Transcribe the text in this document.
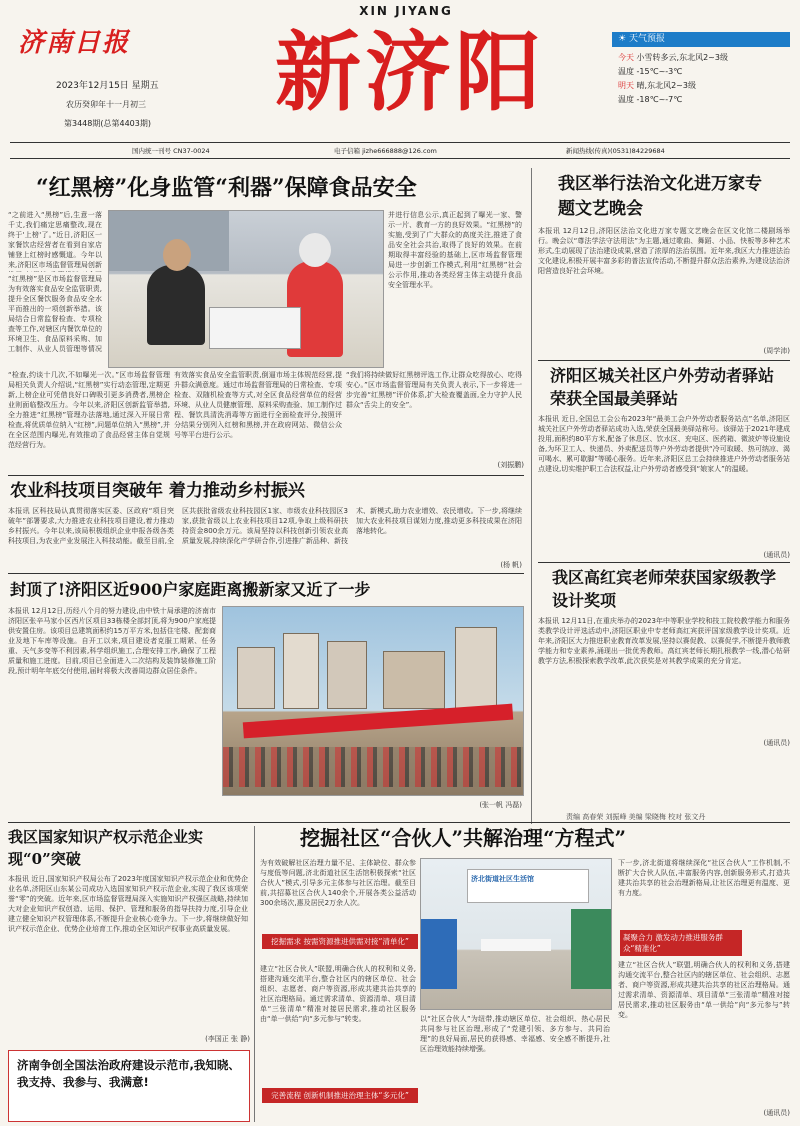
济南日报
2023年12月15日 星期五
农历癸卯年十一月初三
第3448期(总第4403期)
XIN JIYANG
新济阳	☀ 天气预报
今天 小雪转多云,东北风2~3级
温度 -15℃~-3℃
明天 晴,东北风2~3级
温度 -18℃~-7℃
国内统一刊号 CN37-0024	电子信箱 jizhe666888@126.com	新闻热线(传真)(0531)84229684
“红黑榜”化身监管“利器”保障食品安全
“之前进入“黑榜”后,生意一落千丈,我们痛定思痛整改,现在终于'上榜'了。”近日,济阳区一家餐饮店经营者在看到自家店铺登上红榜时感慨道。今年以来,济阳区市场监督管理局创新
“红黑榜”是区市场监督管理局为有效落实食品安全监管职责,提升全区餐饮服务食品安全水平而推出的一项创新举措。该局结合日常监督检查、专项检查等工作,对辖区内餐饮单位的环境卫生、食品原料采购、加工制作、从业人员管理等情况
“检查,约谈十几次,不如曝光一次。”区市场监督管理局相关负责人介绍说,“红黑榜”实行动态管理,定期更新,上榜企业可凭借良好口碑吸引更多消费者,黑榜企业则面临整改压力。今年以来,济阳区创新监管举措,全力推进“红黑榜”管理办法落地,通过深入开展日常检查,将优质单位纳入“红榜”,问题单位纳入“黑榜”,并在全区范围内曝光,有效推动了食品经营主体自觉规范经营行为。
有效落实食品安全监管职责,倒逼市场主体规范经营,提升群众满意度。通过市场监督管理局的日常检查、专项检查、双随机检查等方式,对全区食品经营单位的经营环境、从业人员健康管理、原料采购查验、加工制作过程、餐饮具清洗消毒等方面进行全面检查评分,按照评分结果分别列入红榜和黑榜,并在政府网站、微信公众号等平台进行公示。
并进行信息公示,真正起到了曝光一家、警示一片、教育一方的良好效果。“红黑榜”的实施,受到了广大群众的高度关注,推进了食品安全社会共治,取得了良好的效果。在前期取得丰富经验的基础上,区市场监督管理局进一步创新工作模式,利用“红黑榜”社会公示作用,推动各类经营主体主动提升食品安全管理水平。
“我们将持续做好红黑榜评选工作,让群众吃得放心、吃得安心。”区市场监督管理局有关负责人表示,下一步将进一步完善“红黑榜”评价体系,扩大检查覆盖面,全力守护人民群众“舌尖上的安全”。
(刘振鹏)
农业科技项目突破年 着力推动乡村振兴
本报讯 区科技局认真贯彻落实区委、区政府“项目突破年”部署要求,大力推进农业科技项目建设,着力推动乡村振兴。今年以来,该局积极组织企业申报各级各类科技项目,为农业产业发展注入科技动能。截至目前,全区共获批省级农业科技园区1家、市级农业科技园区3家,获批省级以上农业科技项目12项,争取上级科研扶持资金800余万元。该局坚持以科技创新引领农业高质量发展,持续深化产学研合作,引进推广新品种、新技术、新模式,助力农业增效、农民增收。下一步,将继续加大农业科技项目谋划力度,推动更多科技成果在济阳落地转化。
(杨 帆)
封顶了!济阳区近900户家庭距离搬新家又近了一步
本报讯 12月12日,历经八个月的努力建设,由中铁十局承建的济南市济阳区张辛马家小区西片区项目33栋楼全部封顶,将为900户家庭提供安置住房。该项目总建筑面积约15万平方米,包括住宅楼、配套商业及地下车库等设施。自开工以来,项目建设者克服工期紧、任务重、天气多变等不利因素,科学组织施工,合理安排工序,确保了工程质量和施工进度。目前,项目已全面进入二次结构及装饰装修施工阶段,预计明年年底交付使用,届时将极大改善周边群众居住条件。
(张一帆 冯磊)
我区举行法治文化进万家专题文艺晚会
本报讯 12月12日,济阳区法治文化进万家专题文艺晚会在区文化馆二楼剧场举行。晚会以“尊法学法守法用法”为主题,通过歌曲、舞蹈、小品、快板等多种艺术形式,生动展现了法治建设成果,营造了浓厚的法治氛围。近年来,我区大力推进法治文化建设,积极开展丰富多彩的普法宣传活动,不断提升群众法治素养,为建设法治济阳营造良好社会环境。
(周学沛)
济阳区城关社区户外劳动者驿站荣获全国最美驿站
本报讯 近日,全国总工会公布2023年“最美工会户外劳动者服务站点”名单,济阳区城关社区户外劳动者驿站成功入选,荣获全国最美驿站称号。该驿站于2021年建成投用,面积约80平方米,配备了休息区、饮水区、充电区、医药箱、微波炉等设施设备,为环卫工人、快递员、外卖配送员等户外劳动者提供“冷可取暖、热可纳凉、渴可喝水、累可歇脚”等暖心服务。近年来,济阳区总工会持续推进户外劳动者服务站点建设,切实维护职工合法权益,让户外劳动者感受到“娘家人”的温暖。
(通讯员)
我区高红宾老师荣获国家级教学设计奖项
本报讯 12月11日,在重庆举办的2023年中等职业学校和技工院校教学能力和服务类教学设计评选活动中,济阳区职业中专老师高红宾获评国家级教学设计奖项。近年来,济阳区大力推进职业教育改革发展,坚持以赛促教、以赛促学,不断提升教师教学能力和专业素养,涌现出一批优秀教师。高红宾老师长期扎根教学一线,潜心钻研教学方法,积极探索教学改革,此次获奖是对其教学成果的充分肯定。
(通讯员)
责编 高春荣 刘振峰 美编 梁晓梅 校对 张文丹
我区国家知识产权示范企业实现“0”突破
本报讯 近日,国家知识产权局公布了2023年度国家知识产权示范企业和优势企业名单,济阳区山东某公司成功入选国家知识产权示范企业,实现了我区该项荣誉“零”的突破。近年来,区市场监督管理局深入实施知识产权强区战略,持续加大对企业知识产权创造、运用、保护、管理和服务的指导扶持力度,引导企业建立健全知识产权管理体系,不断提升企业核心竞争力。下一步,将继续做好知识产权示范企业、优势企业培育工作,推动全区知识产权事业高质量发展。
(李国正 张 静)
济南争创全国法治政府建设示范市,我知晓、我支持、我参与、我满意!
挖掘社区“合伙人”共解治理“方程式”
为有效破解社区治理力量不足、主体缺位、群众参与度低等问题,济北街道社区生活馆积极探索“社区合伙人”模式,引导多元主体参与社区治理。截至目前,共招募社区合伙人140余个,开展各类公益活动300余场次,惠及居民2万余人次。
挖掘需求 按需资源推进供需对接“清单化”
建立“社区合伙人”联盟,明确合伙人的权利和义务,搭建沟通交流平台,整合社区内的辖区单位、社会组织、志愿者、商户等资源,形成共建共治共享的社区治理格局。通过需求清单、资源清单、项目清单“三张清单”精准对接居民需求,推动社区服务由“单一供给”向“多元参与”转变。
完善流程 创新机制推进治理主体“多元化”
济北街道社区生活馆
以“社区合伙人”为纽带,推动辖区单位、社会组织、热心居民共同参与社区治理,形成了“党建引领、多方参与、共同治理”的良好局面,居民的获得感、幸福感、安全感不断提升,社区治理效能持续增强。
下一步,济北街道将继续深化“社区合伙人”工作机制,不断扩大合伙人队伍,丰富服务内容,创新服务形式,打造共建共治共享的社会治理新格局,让社区治理更有温度、更有力度。
凝聚合力 激发动力推进服务群众“精准化”
建立“社区合伙人”联盟,明确合伙人的权利和义务,搭建沟通交流平台,整合社区内的辖区单位、社会组织、志愿者、商户等资源,形成共建共治共享的社区治理格局。通过需求清单、资源清单、项目清单“三张清单”精准对接居民需求,推动社区服务由“单一供给”向“多元参与”转变。
(通讯员)
